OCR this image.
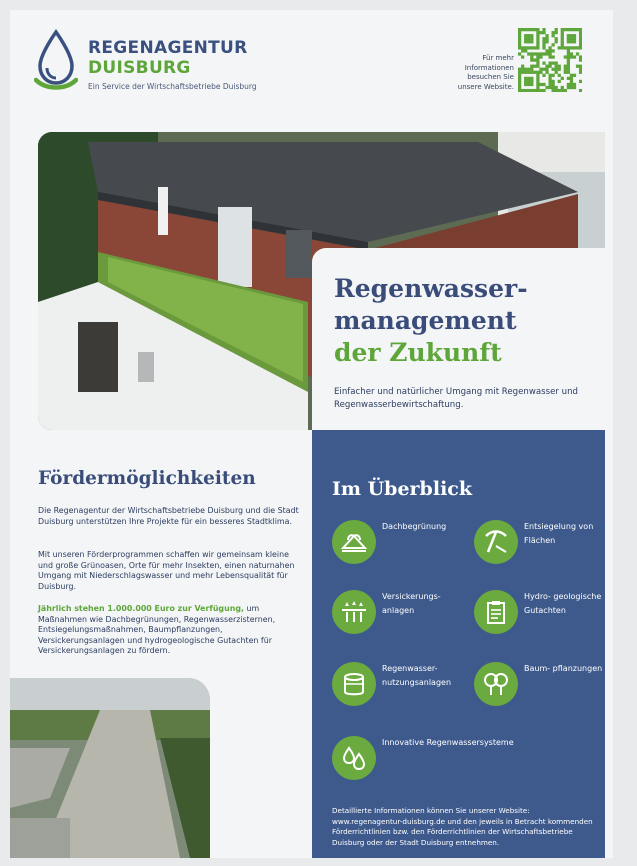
REGENAGENTUR
DUISBURG
Ein Service der Wirtschaftsbetriebe Duisburg
Für mehr
Informationen
besuchen Sie
unsere Website.
Regenwasser-
management
der Zukunft
Einfacher und natürlicher Umgang mit Regenwasser und Regenwasserbewirtschaftung.
Fördermöglichkeiten
Die Regenagentur der Wirtschaftsbetriebe Duisburg und die Stadt Duisburg unterstützen Ihre Projekte für ein besseres Stadtklima.
Mit unseren Förderprogrammen schaffen wir gemeinsam kleine und große Grünoasen, Orte für mehr Insekten, einen naturnahen Umgang mit Niederschlagswasser und mehr Lebensqualität für Duisburg.
Jährlich stehen 1.000.000 Euro zur Verfügung, um Maßnahmen wie Dachbegrünungen, Regenwasserzisternen, Entsiegelungsmaßnahmen, Baumpflanzungen, Versickerungsanlagen und hydrogeologische Gutachten für Versickerungsanlagen zu fördern.
Im Überblick
Dachbegrünung	Entsiegelung von Flächen
Versickerungs- anlagen
Hydro- geologische Gutachten
Regenwasser- nutzungsanlagen
Baum- pflanzungen
Innovative Regenwassersysteme
Detaillierte Informationen können Sie unserer Website: www.regenagentur-duisburg.de und den jeweils in Betracht kommenden Förderrichtlinien bzw. den Förderrichtlinien der Wirtschaftsbetriebe Duisburg oder der Stadt Duisburg entnehmen.
